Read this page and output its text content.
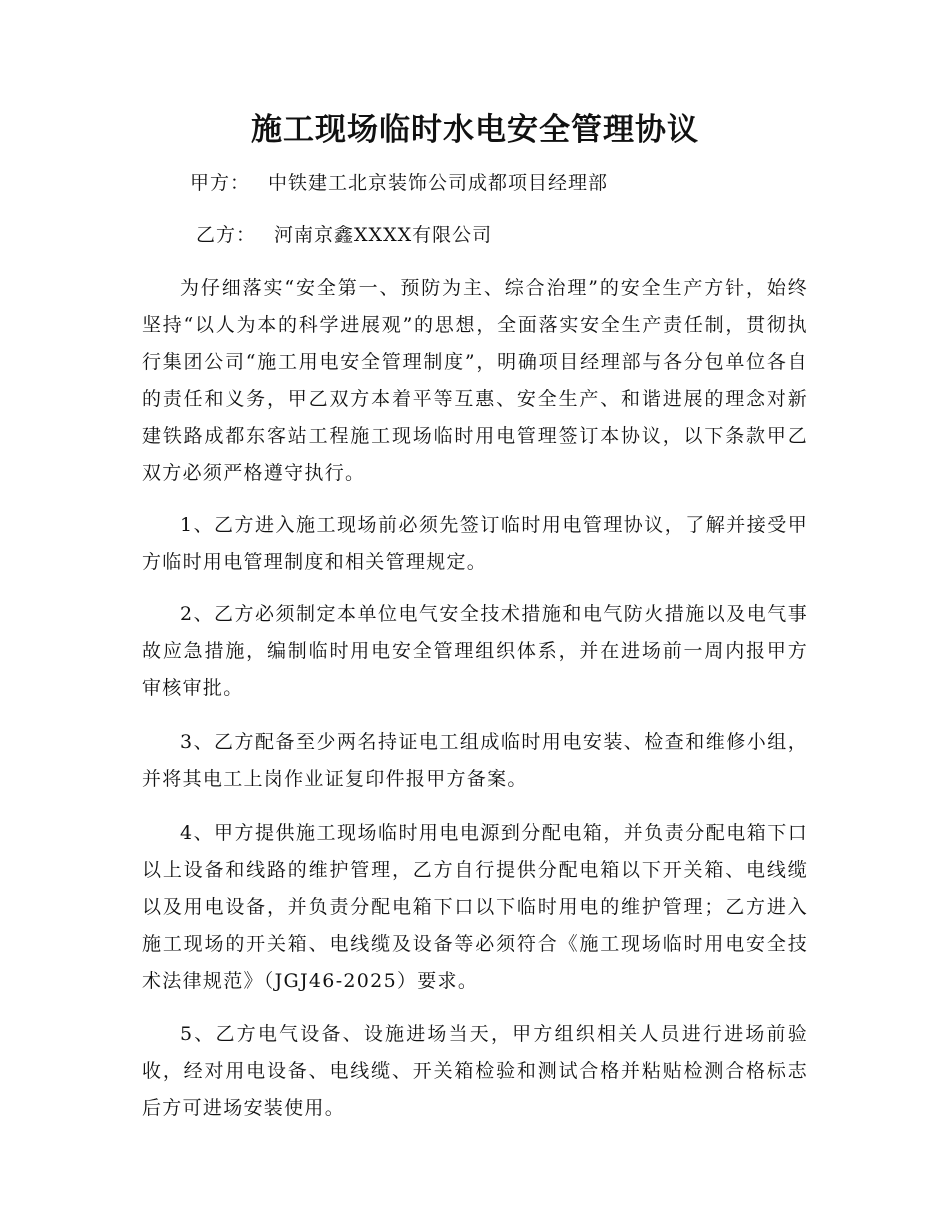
施工现场临时水电安全管理协议
甲方： 中铁建工北京装饰公司成都项目经理部
乙方： 河南京鑫XXXX有限公司

为仔细落实“安全第一、预防为主、综合治理”的安全生产方针，始终坚持“以人为本的科学进展观”的思想，全面落实安全生产责任制，贯彻执行集团公司“施工用电安全管理制度”，明确项目经理部与各分包单位各自的责任和义务，甲乙双方本着平等互惠、安全生产、和谐进展的理念对新建铁路成都东客站工程施工现场临时用电管理签订本协议，以下条款甲乙双方必须严格遵守执行。

1、乙方进入施工现场前必须先签订临时用电管理协议，了解并接受甲方临时用电管理制度和相关管理规定。

2、乙方必须制定本单位电气安全技术措施和电气防火措施以及电气事故应急措施，编制临时用电安全管理组织体系，并在进场前一周内报甲方审核审批。

3、乙方配备至少两名持证电工组成临时用电安装、检查和维修小组，并将其电工上岗作业证复印件报甲方备案。

4、甲方提供施工现场临时用电电源到分配电箱，并负责分配电箱下口以上设备和线路的维护管理，乙方自行提供分配电箱以下开关箱、电线缆以及用电设备，并负责分配电箱下口以下临时用电的维护管理；乙方进入施工现场的开关箱、电线缆及设备等必须符合《施工现场临时用电安全技术法律规范》（JGJ46-2025）要求。

5、乙方电气设备、设施进场当天，甲方组织相关人员进行进场前验收，经对用电设备、电线缆、开关箱检验和测试合格并粘贴检测合格标志后方可进场安装使用。
